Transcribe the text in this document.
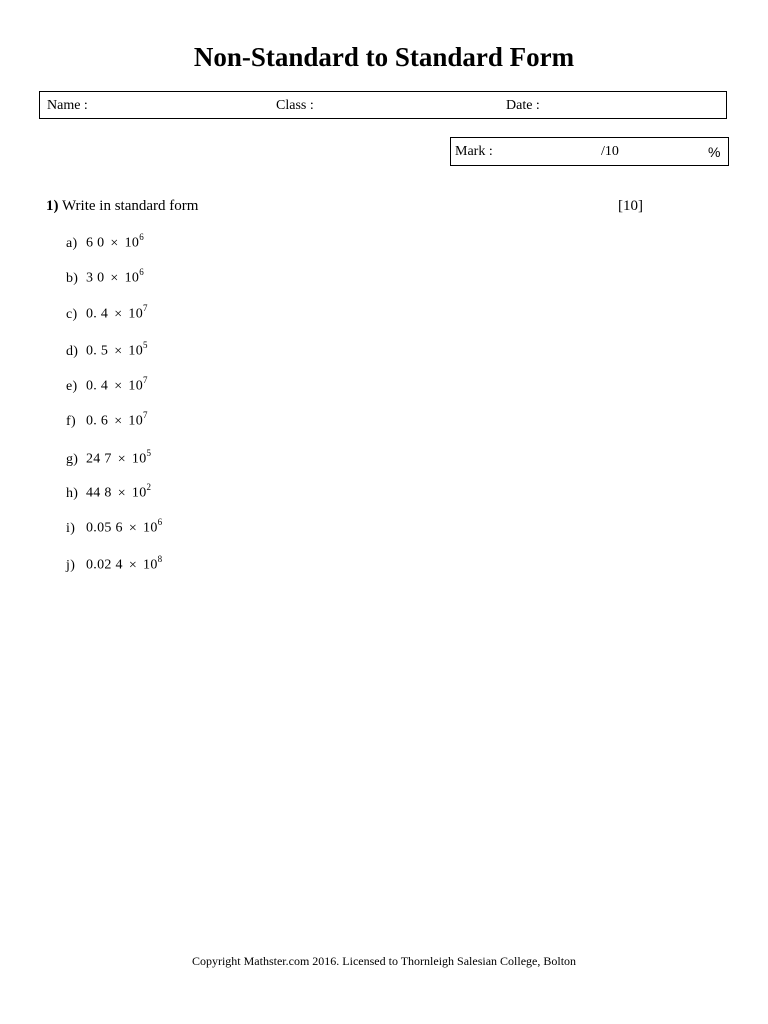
Non-Standard to Standard Form
Name :	Class :	Date :
Mark :	/10	%
1) Write in standard form	[10]
a) 6 $0 \times 10^6$
b) 3 $0 \times 10^6$
c) 0. $4 \times 10^7$
d) 0. $5 \times 10^5$
e) 0. $4 \times 10^7$
f) 0. $6 \times 10^7$
g) 24 $7 \times 10^5$
h) 44 $8 \times 10^2$
i) 0.05 $6 \times 10^6$
j) 0.02 $4 \times 10^8$
Copyright Mathster.com 2016. Licensed to Thornleigh Salesian College, Bolton
